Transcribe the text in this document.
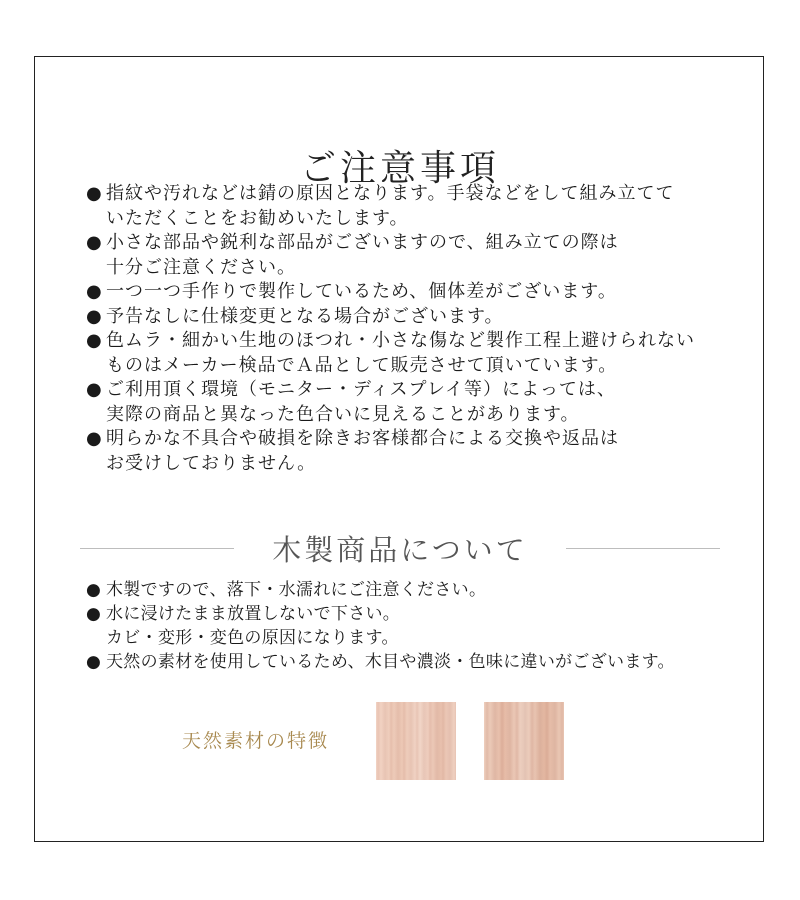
ご注意事項
● 指紋や汚れなどは錆の原因となります。手袋などをして組み立てて
いただくことをお勧めいたします。
● 小さな部品や鋭利な部品がございますので、組み立ての際は
十分ご注意ください。
● 一つ一つ手作りで製作しているため、個体差がございます。
● 予告なしに仕様変更となる場合がございます。
● 色ムラ・細かい生地のほつれ・小さな傷など製作工程上避けられない
ものはメーカー検品でＡ品として販売させて頂いています。
● ご利用頂く環境（モニター・ディスプレイ等）によっては、
実際の商品と異なった色合いに見えることがあります。
● 明らかな不具合や破損を除きお客様都合による交換や返品は
お受けしておりません。
木製商品について
● 木製ですので、落下・水濡れにご注意ください。
● 水に浸けたまま放置しないで下さい。
カビ・変形・変色の原因になります。
● 天然の素材を使用しているため、木目や濃淡・色味に違いがございます。
天然素材の特徴
